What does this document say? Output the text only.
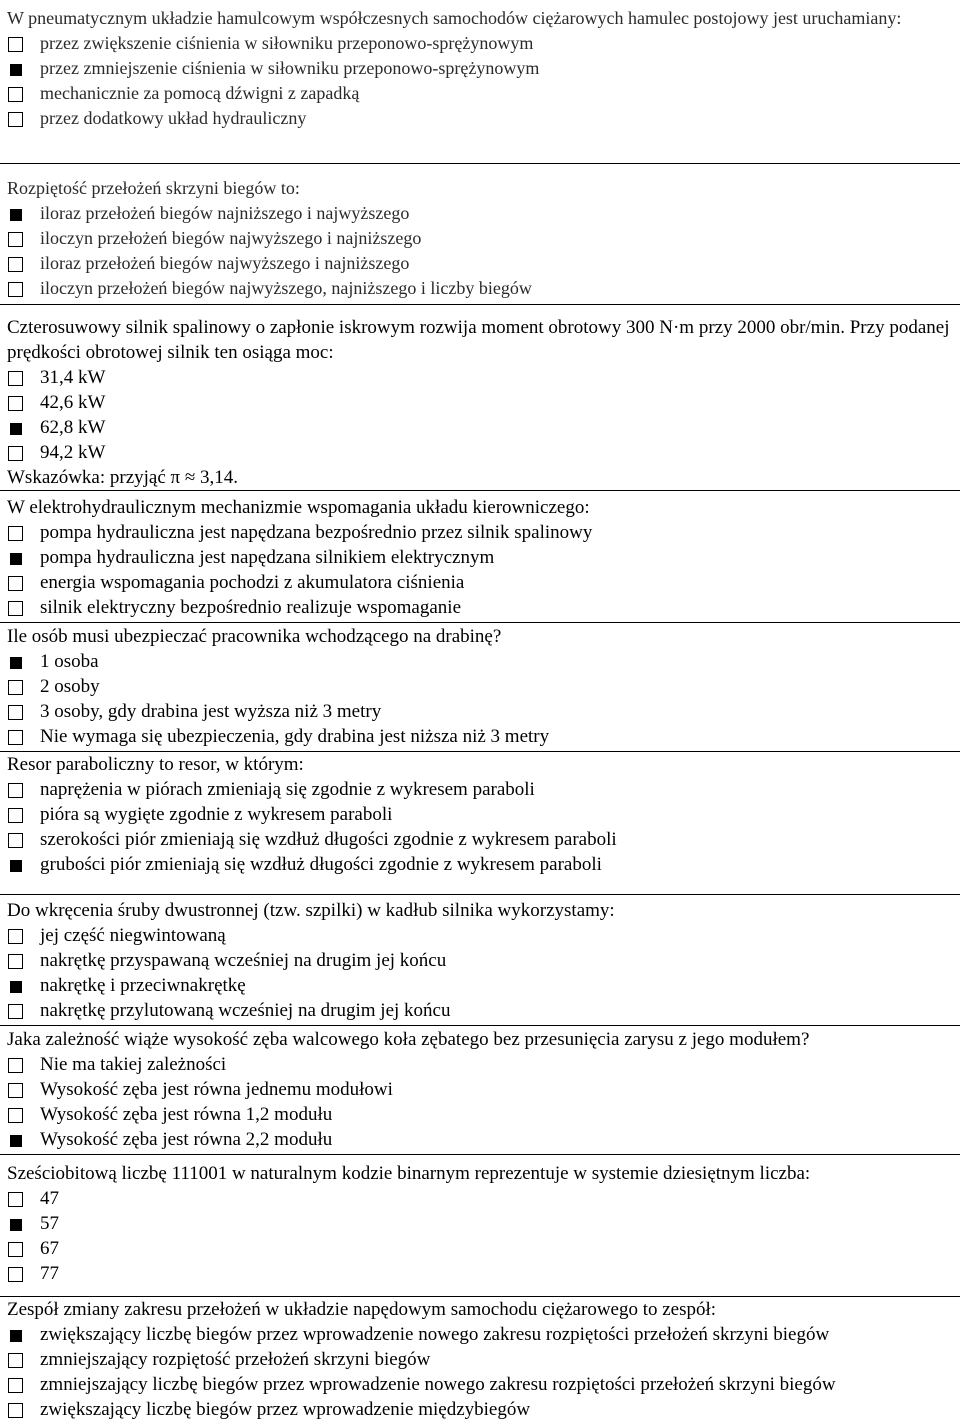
W pneumatycznym układzie hamulcowym współczesnych samochodów ciężarowych hamulec postojowy jest uruchamiany:
przez zwiększenie ciśnienia w siłowniku przeponowo-sprężynowym
przez zmniejszenie ciśnienia w siłowniku przeponowo-sprężynowym
mechanicznie za pomocą dźwigni z zapadką
przez dodatkowy układ hydrauliczny
Rozpiętość przełożeń skrzyni biegów to:
iloraz przełożeń biegów najniższego i najwyższego
iloczyn przełożeń biegów najwyższego i najniższego
iloraz przełożeń biegów najwyższego i najniższego
iloczyn przełożeń biegów najwyższego, najniższego i liczby biegów
Czterosuwowy silnik spalinowy o zapłonie iskrowym rozwija moment obrotowy 300 N·m przy 2000 obr/min. Przy podanej prędkości obrotowej silnik ten osiąga moc:
31,4 kW
42,6 kW
62,8 kW
94,2 kW
Wskazówka: przyjąć π ≈ 3,14.
W elektrohydraulicznym mechanizmie wspomagania układu kierowniczego:
pompa hydrauliczna jest napędzana bezpośrednio przez silnik spalinowy
pompa hydrauliczna jest napędzana silnikiem elektrycznym
energia wspomagania pochodzi z akumulatora ciśnienia
silnik elektryczny bezpośrednio realizuje wspomaganie
Ile osób musi ubezpieczać pracownika wchodzącego na drabinę?
1 osoba
2 osoby
3 osoby, gdy drabina jest wyższa niż 3 metry
Nie wymaga się ubezpieczenia, gdy drabina jest niższa niż 3 metry
Resor paraboliczny to resor, w którym:
naprężenia w piórach zmieniają się zgodnie z wykresem paraboli
pióra są wygięte zgodnie z wykresem paraboli
szerokości piór zmieniają się wzdłuż długości zgodnie z wykresem paraboli
grubości piór zmieniają się wzdłuż długości zgodnie z wykresem paraboli
Do wkręcenia śruby dwustronnej (tzw. szpilki) w kadłub silnika wykorzystamy:
jej część niegwintowaną
nakrętkę przyspawaną wcześniej na drugim jej końcu
nakrętkę i przeciwnakrętkę
nakrętkę przylutowaną wcześniej na drugim jej końcu
Jaka zależność wiąże wysokość zęba walcowego koła zębatego bez przesunięcia zarysu z jego modułem?
Nie ma takiej zależności
Wysokość zęba jest równa jednemu modułowi
Wysokość zęba jest równa 1,2 modułu
Wysokość zęba jest równa 2,2 modułu
Sześciobitową liczbę 111001 w naturalnym kodzie binarnym reprezentuje w systemie dziesiętnym liczba:
47
57
67
77
Zespół zmiany zakresu przełożeń w układzie napędowym samochodu ciężarowego to zespół:
zwiększający liczbę biegów przez wprowadzenie nowego zakresu rozpiętości przełożeń skrzyni biegów
zmniejszający rozpiętość przełożeń skrzyni biegów
zmniejszający liczbę biegów przez wprowadzenie nowego zakresu rozpiętości przełożeń skrzyni biegów
zwiększający liczbę biegów przez wprowadzenie międzybiegów
